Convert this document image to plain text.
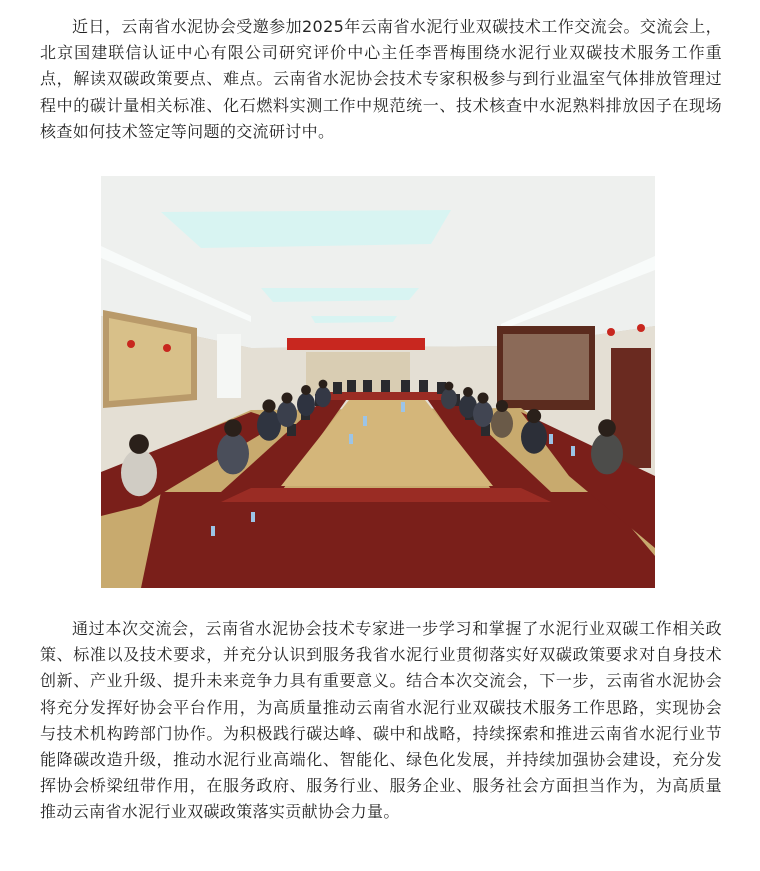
近日，云南省水泥协会受邀参加2025年云南省水泥行业双碳技术工作交流会。交流会上，北京国建联信认证中心有限公司研究评价中心主任李晋梅围绕水泥行业双碳技术服务工作重点，解读双碳政策要点、难点。云南省水泥协会技术专家积极参与到行业温室气体排放管理过程中的碳计量相关标准、化石燃料实测工作中规范统一、技术核查中水泥熟料排放因子在现场核查如何技术签定等问题的交流研讨中。

通过本次交流会，云南省水泥协会技术专家进一步学习和掌握了水泥行业双碳工作相关政策、标准以及技术要求，并充分认识到服务我省水泥行业贯彻落实好双碳政策要求对自身技术创新、产业升级、提升未来竞争力具有重要意义。结合本次交流会，下一步，云南省水泥协会将充分发挥好协会平台作用，为高质量推动云南省水泥行业双碳技术服务工作思路，实现协会与技术机构跨部门协作。为积极践行碳达峰、碳中和战略，持续探索和推进云南省水泥行业节能降碳改造升级，推动水泥行业高端化、智能化、绿色化发展，并持续加强协会建设，充分发挥协会桥梁纽带作用，在服务政府、服务行业、服务企业、服务社会方面担当作为，为高质量推动云南省水泥行业双碳政策落实贡献协会力量。
